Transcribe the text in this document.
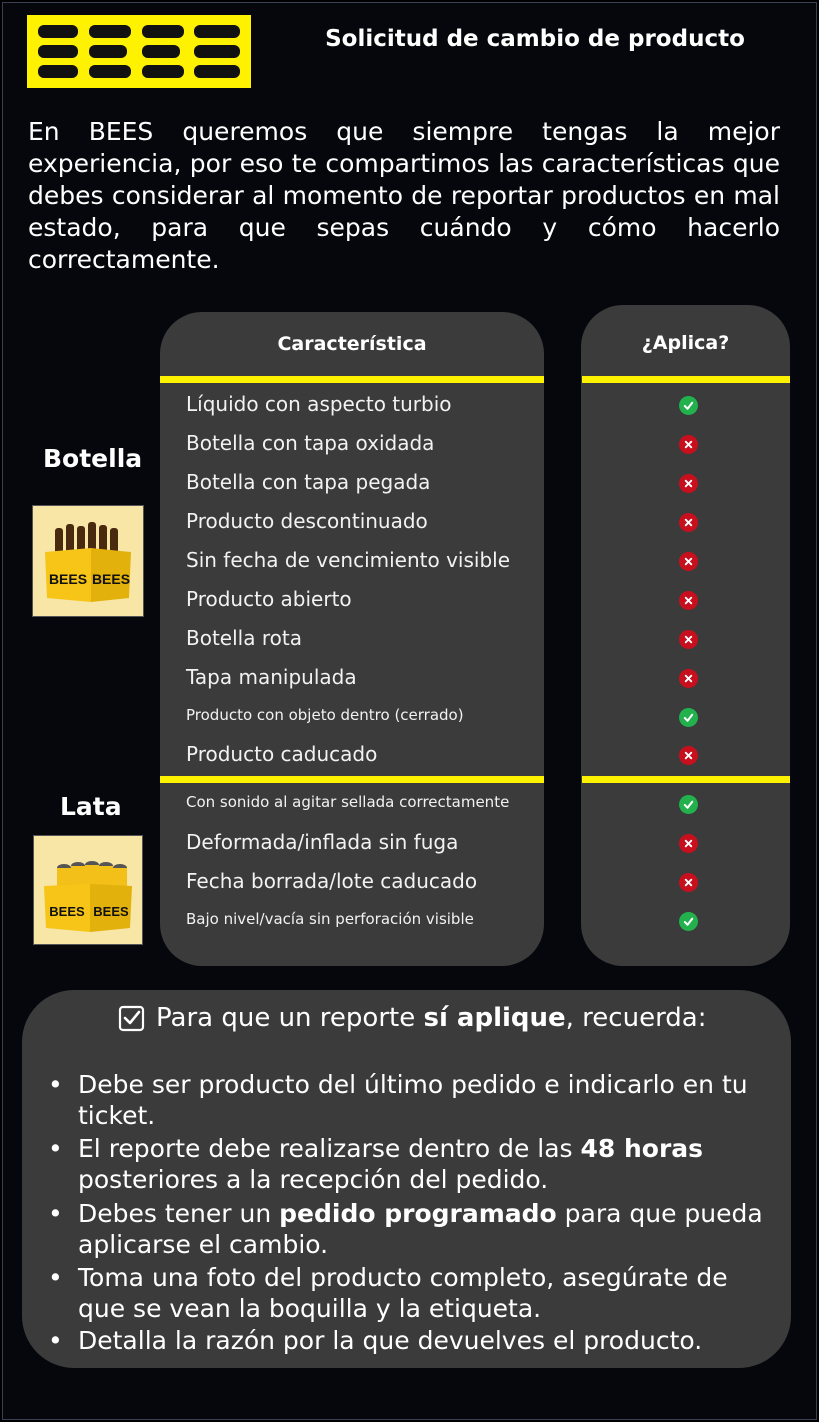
Solicitud de cambio de producto
En BEES queremos que siempre tengas la mejor experiencia, por eso te compartimos las características que debes considerar al momento de reportar productos en mal estado, para que sepas cuándo y cómo hacerlo correctamente.
Característica	¿Aplica?
Botella
Lata
BEES BEES
BEES BEES
Líquido con aspecto turbio
Botella con tapa oxidada
Botella con tapa pegada
Producto descontinuado
Sin fecha de vencimiento visible
Producto abierto
Botella rota
Tapa manipulada
Producto con objeto dentro (cerrado)
Producto caducado
Con sonido al agitar sellada correctamente
Deformada/inflada sin fuga
Fecha borrada/lote caducado
Bajo nivel/vacía sin perforación visible
Para que un reporte sí aplique, recuerda:
• Debe ser producto del último pedido e indicarlo en tu ticket.
• El reporte debe realizarse dentro de las 48 horas posteriores a la recepción del pedido.
• Debes tener un pedido programado para que pueda aplicarse el cambio.
• Toma una foto del producto completo, asegúrate de que se vean la boquilla y la etiqueta.
• Detalla la razón por la que devuelves el producto.
